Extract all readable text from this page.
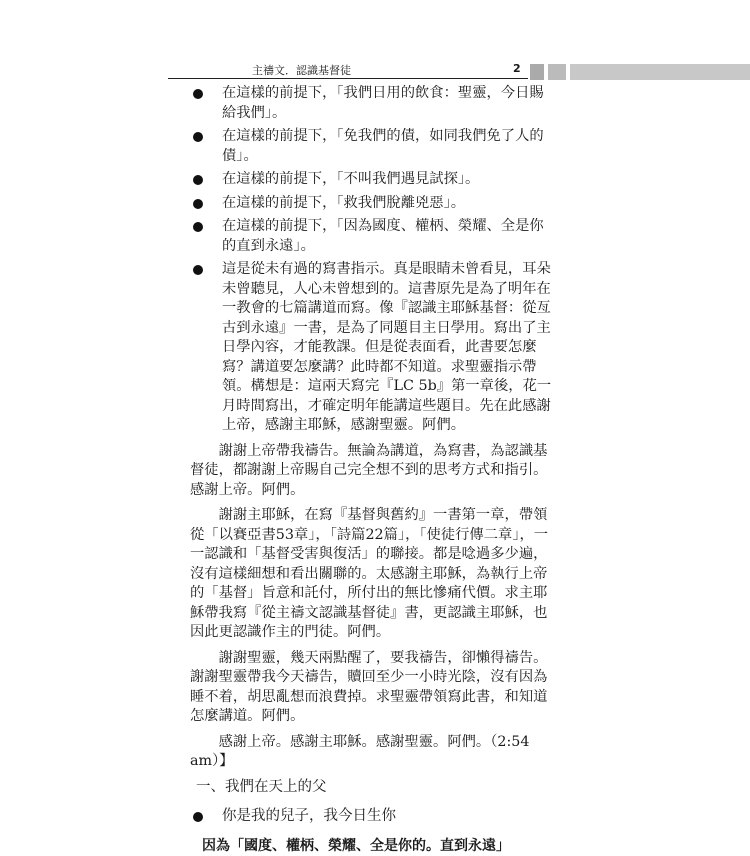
主禱文．認識基督徒	2
在這樣的前提下，「我們日用的飲食：聖靈，今日賜給我們」。
在這樣的前提下，「免我們的債，如同我們免了人的債」。
在這樣的前提下，「不叫我們遇見試探」。
在這樣的前提下，「救我們脫離兇惡」。
在這樣的前提下，「因為國度、權柄、榮耀、全是你的直到永遠」。
這是從未有過的寫書指示。真是眼睛未曾看見，耳朵未曾聽見，人心未曾想到的。這書原先是為了明年在一教會的七篇講道而寫。像『認識主耶穌基督：從亙古到永遠』一書，是為了同題目主日學用。寫出了主日學內容，才能教課。但是從表面看，此書要怎麼寫？講道要怎麼講？此時都不知道。求聖靈指示帶領。構想是：這兩天寫完『LC 5b』第一章後，花一月時間寫出，才確定明年能講這些題目。先在此感謝上帝，感謝主耶穌，感謝聖靈。阿們。

謝謝上帝帶我禱告。無論為講道，為寫書，為認識基督徒，都謝謝上帝賜自己完全想不到的思考方式和指引。感謝上帝。阿們。

謝謝主耶穌，在寫『基督與舊約』一書第一章，帶領從「以賽亞書53章」，「詩篇22篇」，「使徒行傳二章」，一一認識和「基督受害與復活」的聯接。都是唸過多少遍，沒有這樣細想和看出關聯的。太感謝主耶穌，為執行上帝的「基督」旨意和託付，所付出的無比慘痛代價。求主耶穌帶我寫『從主禱文認識基督徒』書，更認識主耶穌，也因此更認識作主的門徒。阿們。

謝謝聖靈，幾天兩點醒了，要我禱告，卻懶得禱告。謝謝聖靈帶我今天禱告，贖回至少一小時光陰，沒有因為睡不着，胡思亂想而浪費掉。求聖靈帶領寫此書，和知道怎麼講道。阿們。

感謝上帝。感謝主耶穌。感謝聖靈。阿們。（2:54 am）】

一、我們在天上的父
你是我的兒子，我今日生你
因為「國度、權柄、榮耀、全是你的。直到永遠」
